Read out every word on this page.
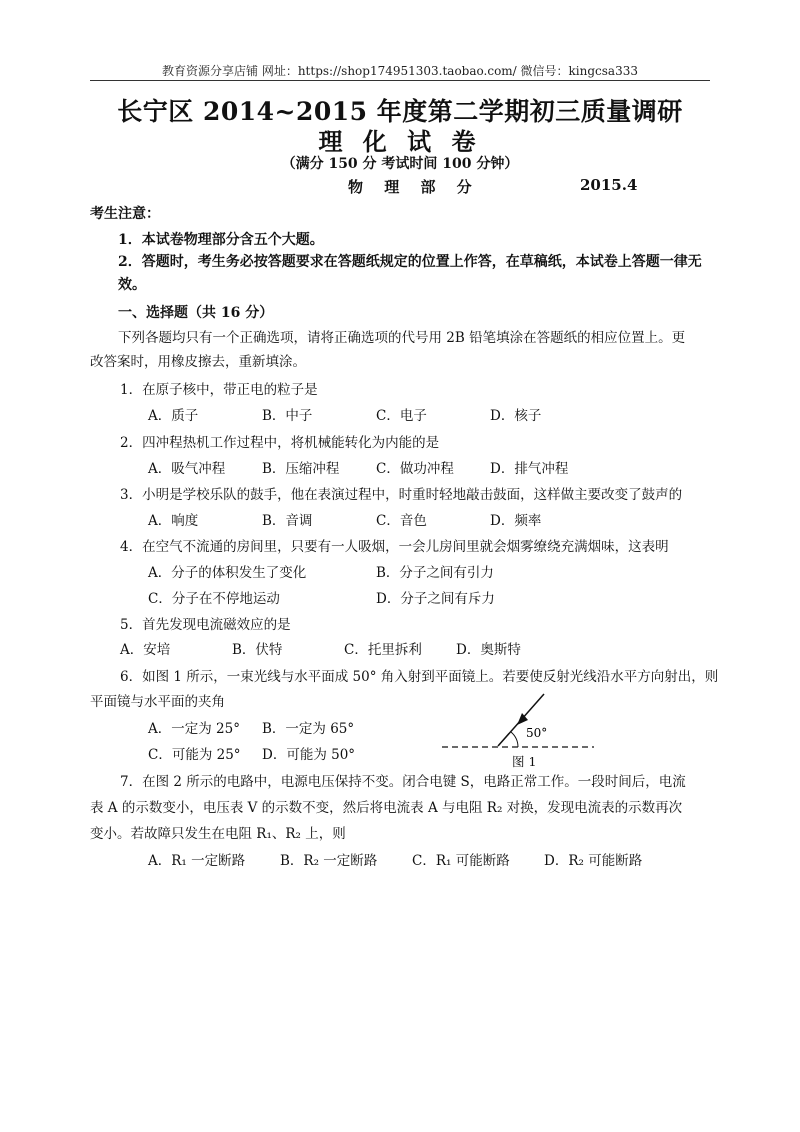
教育资源分享店铺 网址：https://shop174951303.taobao.com/ 微信号：kingcsa333
长宁区 2014~2015 年度第二学期初三质量调研
理 化 试 卷
（满分 150 分 考试时间 100 分钟）
物 理 部 分	2015.4
考生注意：
1．本试卷物理部分含五个大题。
2．答题时，考生务必按答题要求在答题纸规定的位置上作答，在草稿纸，本试卷上答题一律无
效。
一、选择题（共 16 分）
下列各题均只有一个正确选项，请将正确选项的代号用 2B 铅笔填涂在答题纸的相应位置上。更
改答案时，用橡皮擦去，重新填涂。
1．在原子核中，带正电的粒子是
A．质子	B．中子	C．电子	D．核子
2．四冲程热机工作过程中，将机械能转化为内能的是
A．吸气冲程	B．压缩冲程	C．做功冲程	D．排气冲程
3．小明是学校乐队的鼓手，他在表演过程中，时重时轻地敲击鼓面，这样做主要改变了鼓声的
A．响度	B．音调	C．音色	D．频率
4．在空气不流通的房间里，只要有一人吸烟，一会儿房间里就会烟雾缭绕充满烟味，这表明
A．分子的体积发生了变化	B．分子之间有引力
C．分子在不停地运动	D．分子之间有斥力
5．首先发现电流磁效应的是
A．安培	B．伏特	C．托里拆利	D．奥斯特
6．如图 1 所示，一束光线与水平面成 50° 角入射到平面镜上。若要使反射光线沿水平方向射出，则
平面镜与水平面的夹角
A．一定为 25° B．一定为 65°
C．可能为 25° D．可能为 50°
50°
图 1
7．在图 2 所示的电路中，电源电压保持不变。闭合电键 S，电路正常工作。一段时间后，电流
表 A 的示数变小，电压表 V 的示数不变，然后将电流表 A 与电阻 R₂ 对换，发现电流表的示数再次
变小。若故障只发生在电阻 R₁、R₂ 上，则
A．R₁ 一定断路	B．R₂ 一定断路	C．R₁ 可能断路	D．R₂ 可能断路
